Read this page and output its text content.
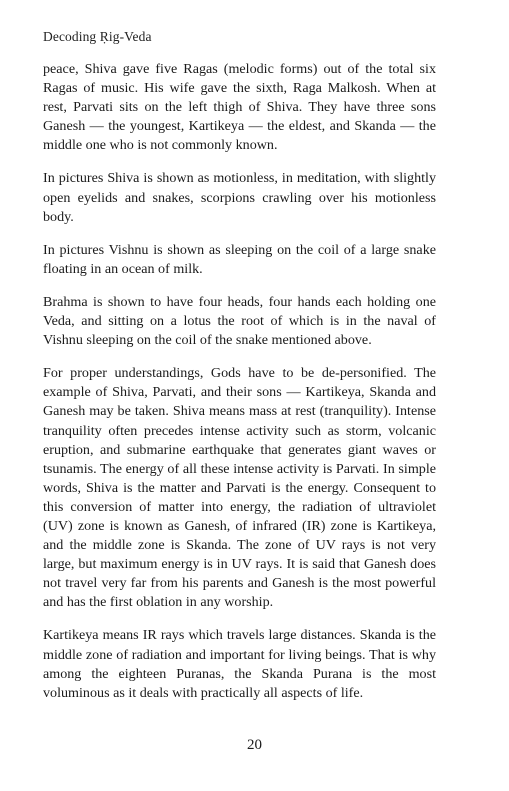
Decoding Ṛig-Veda

peace, Shiva gave five Ragas (melodic forms) out of the total six Ragas of music. His wife gave the sixth, Raga Malkosh. When at rest, Parvati sits on the left thigh of Shiva. They have three sons Ganesh — the youngest, Kartikeya — the eldest, and Skanda — the middle one who is not commonly known.

In pictures Shiva is shown as motionless, in meditation, with slightly open eyelids and snakes, scorpions crawling over his motionless body.

In pictures Vishnu is shown as sleeping on the coil of a large snake floating in an ocean of milk.

Brahma is shown to have four heads, four hands each holding one Veda, and sitting on a lotus the root of which is in the naval of Vishnu sleeping on the coil of the snake mentioned above.

For proper understandings, Gods have to be de-personified. The example of Shiva, Parvati, and their sons — Kartikeya, Skanda and Ganesh may be taken. Shiva means mass at rest (tranquility). Intense tranquility often precedes intense activity such as storm, volcanic eruption, and submarine earthquake that generates giant waves or tsunamis. The energy of all these intense activity is Parvati. In simple words, Shiva is the matter and Parvati is the energy. Consequent to this conversion of matter into energy, the radiation of ultraviolet (UV) zone is known as Ganesh, of infrared (IR) zone is Kartikeya, and the middle zone is Skanda. The zone of UV rays is not very large, but maximum energy is in UV rays. It is said that Ganesh does not travel very far from his parents and Ganesh is the most powerful and has the first oblation in any worship.

Kartikeya means IR rays which travels large distances. Skanda is the middle zone of radiation and important for living beings. That is why among the eighteen Puranas, the Skanda Purana is the most voluminous as it deals with practically all aspects of life.

20
